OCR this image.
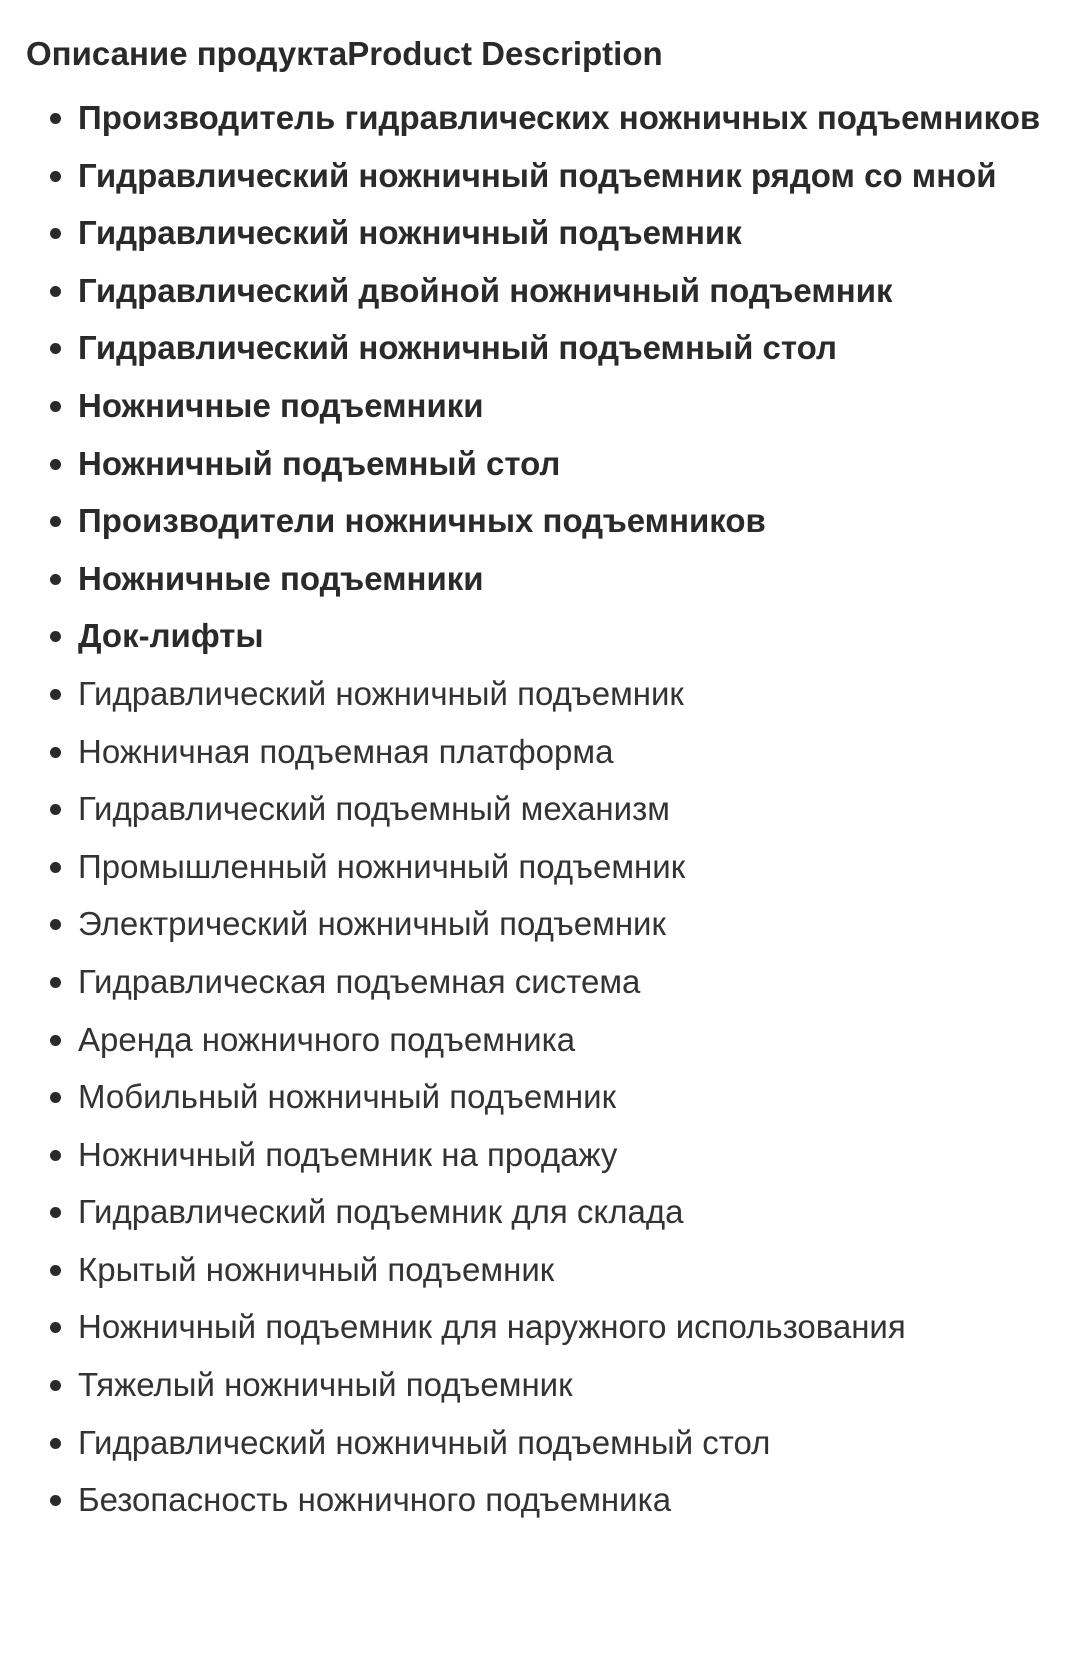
Описание продуктаProduct Description
Производитель гидравлических ножничных подъемников
Гидравлический ножничный подъемник рядом со мной
Гидравлический ножничный подъемник
Гидравлический двойной ножничный подъемник
Гидравлический ножничный подъемный стол
Ножничные подъемники
Ножничный подъемный стол
Производители ножничных подъемников
Ножничные подъемники
Док-лифты
Гидравлический ножничный подъемник
Ножничная подъемная платформа
Гидравлический подъемный механизм
Промышленный ножничный подъемник
Электрический ножничный подъемник
Гидравлическая подъемная система
Аренда ножничного подъемника
Мобильный ножничный подъемник
Ножничный подъемник на продажу
Гидравлический подъемник для склада
Крытый ножничный подъемник
Ножничный подъемник для наружного использования
Тяжелый ножничный подъемник
Гидравлический ножничный подъемный стол
Безопасность ножничного подъемника
